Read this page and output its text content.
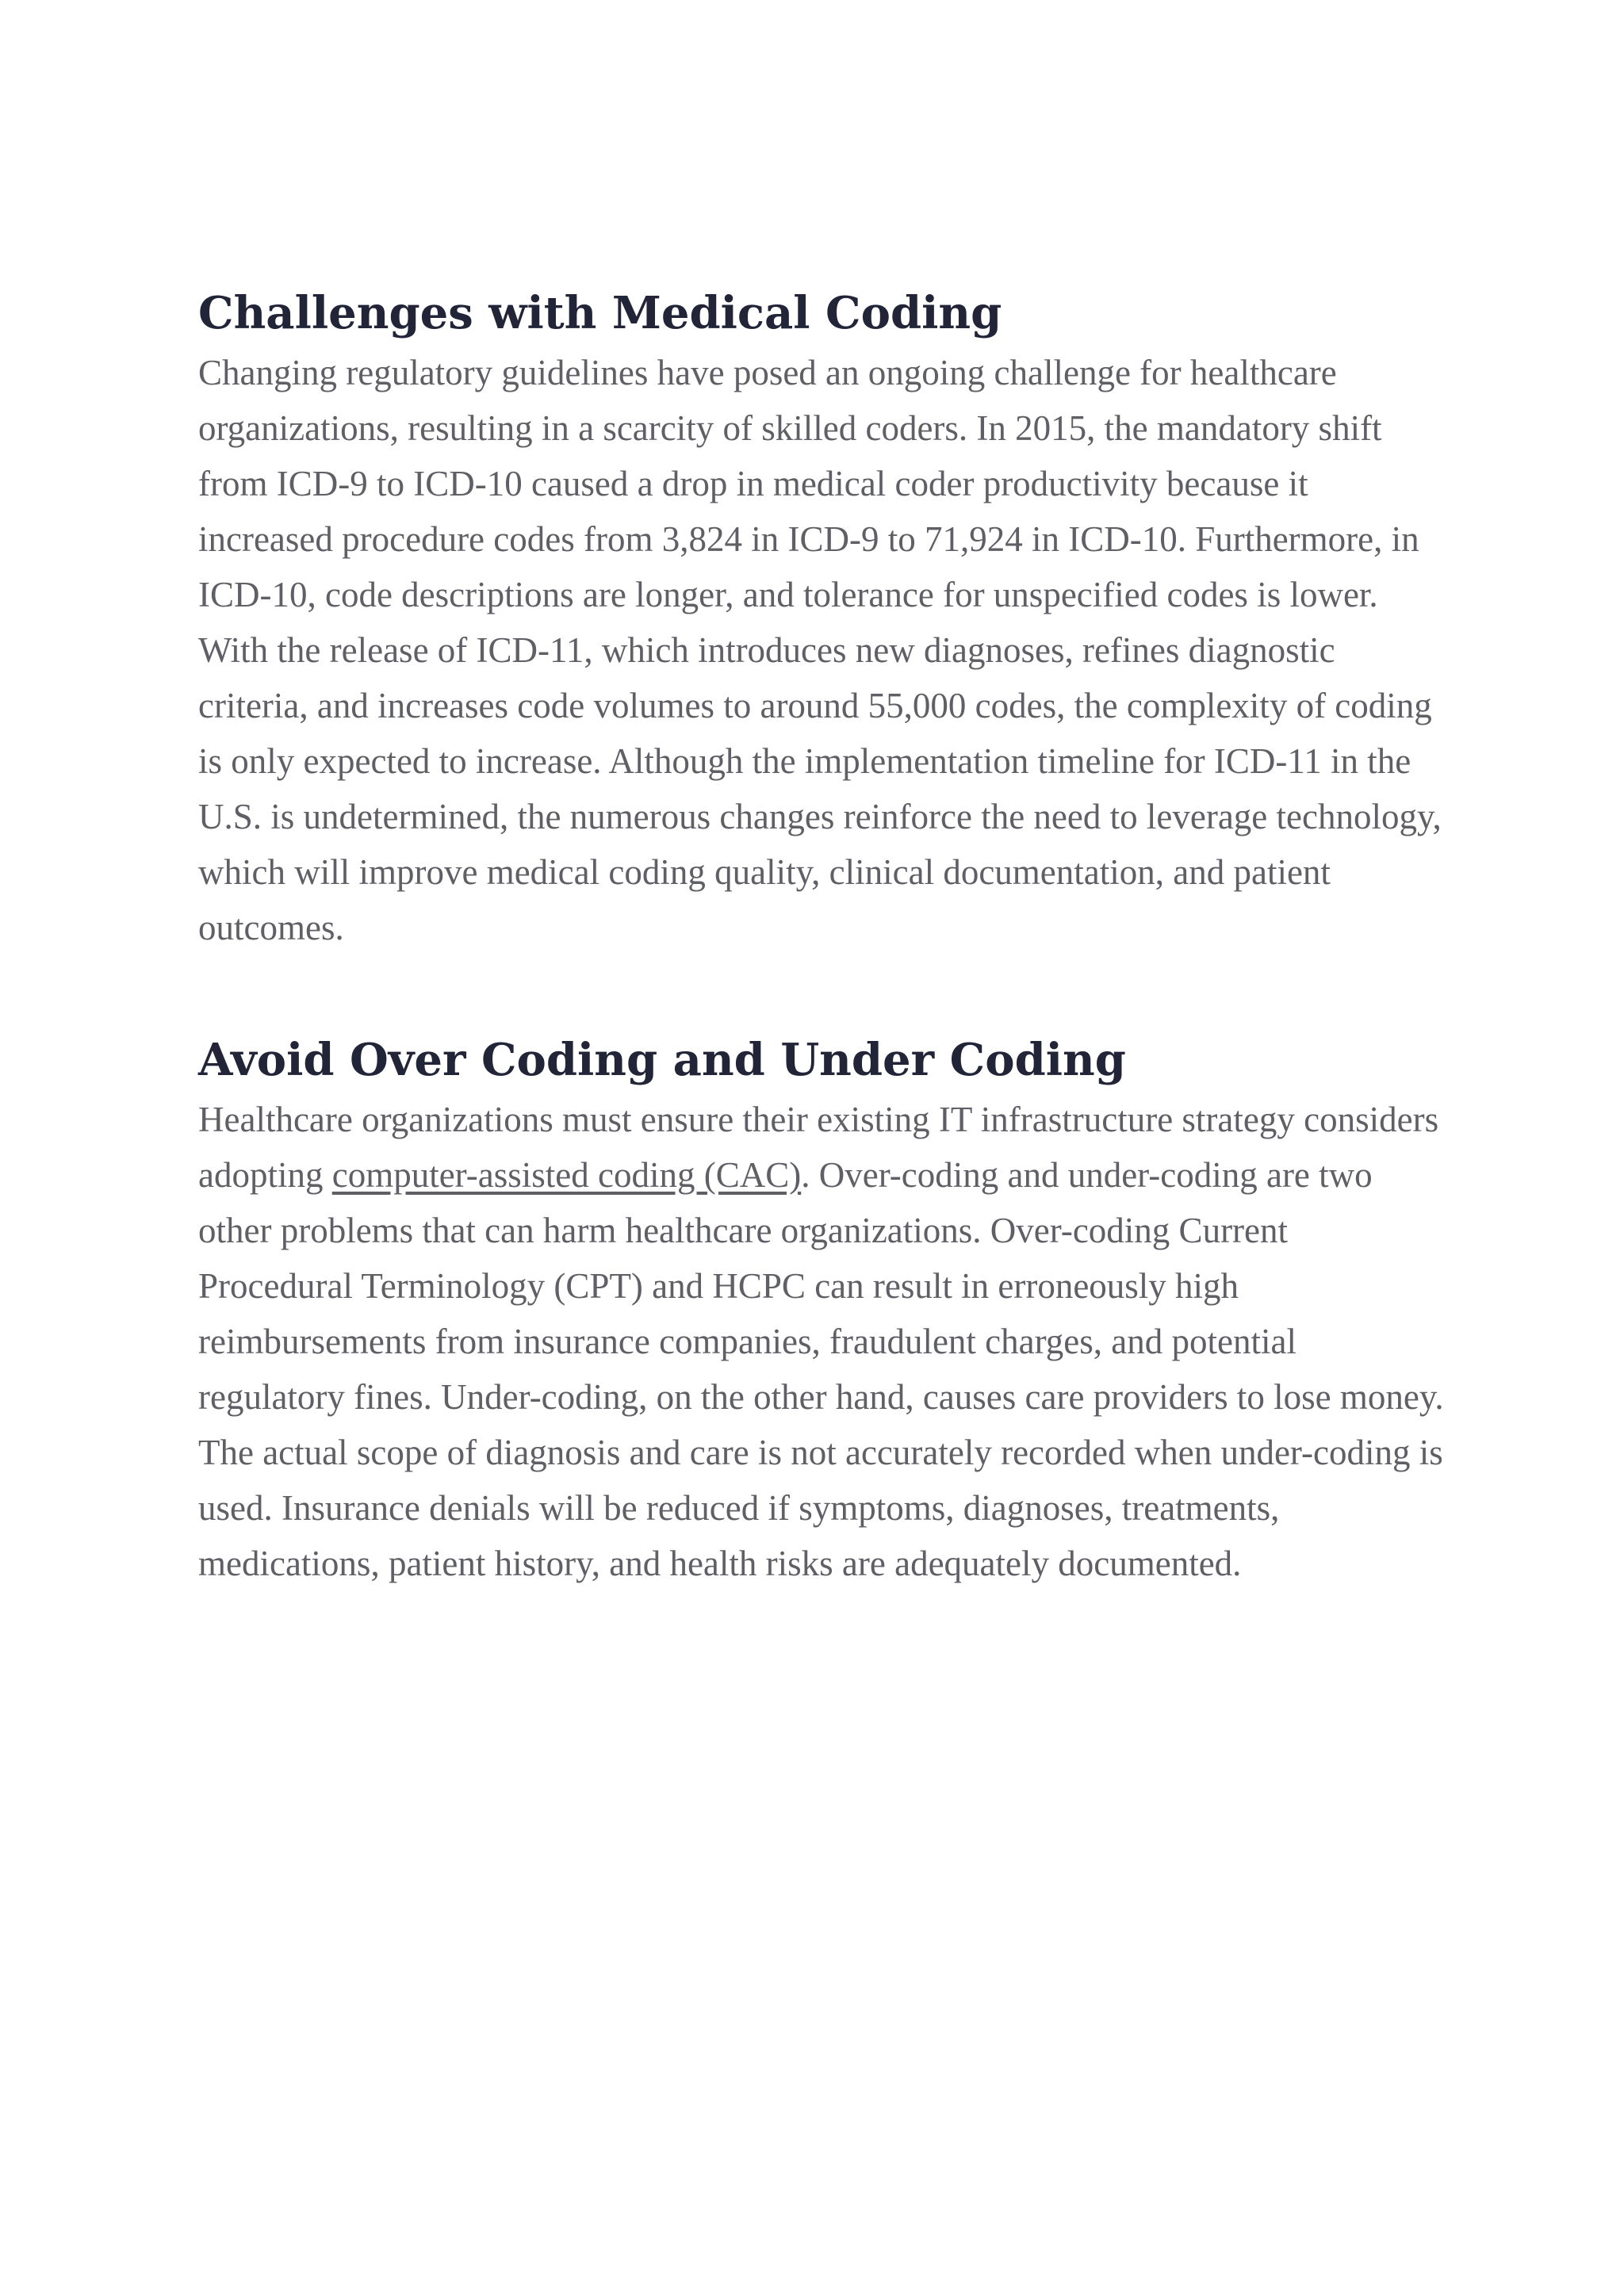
Challenges with Medical Coding

Changing regulatory guidelines have posed an ongoing challenge for healthcare organizations, resulting in a scarcity of skilled coders. In 2015, the mandatory shift from ICD-9 to ICD-10 caused a drop in medical coder productivity because it increased procedure codes from 3,824 in ICD-9 to 71,924 in ICD-10. Furthermore, in ICD-10, code descriptions are longer, and tolerance for unspecified codes is lower.

With the release of ICD-11, which introduces new diagnoses, refines diagnostic criteria, and increases code volumes to around 55,000 codes, the complexity of coding is only expected to increase. Although the implementation timeline for ICD-11 in the U.S. is undetermined, the numerous changes reinforce the need to leverage technology, which will improve medical coding quality, clinical documentation, and patient outcomes.

Avoid Over Coding and Under Coding

Healthcare organizations must ensure their existing IT infrastructure strategy considers adopting computer-assisted coding (CAC). Over-coding and under-coding are two other problems that can harm healthcare organizations. Over-coding Current Procedural Terminology (CPT) and HCPC can result in erroneously high reimbursements from insurance companies, fraudulent charges, and potential regulatory fines. Under-coding, on the other hand, causes care providers to lose money. The actual scope of diagnosis and care is not accurately recorded when under-coding is used. Insurance denials will be reduced if symptoms, diagnoses, treatments, medications, patient history, and health risks are adequately documented.
